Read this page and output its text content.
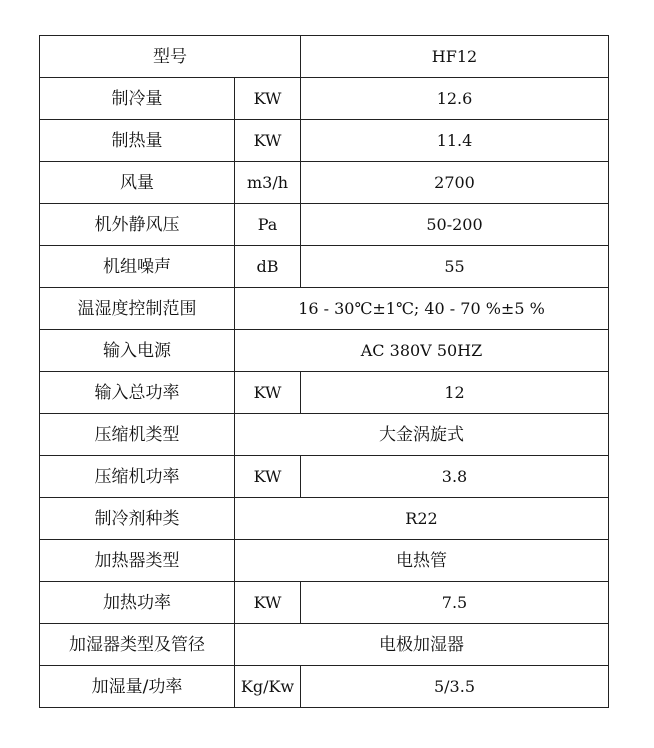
型号		HF12
制冷量	KW	12.6
制热量	KW	11.4
风量	m3/h	2700
机外静风压	Pa	50-200
机组噪声	dB	55
温湿度控制范围	16 - 30℃±1℃; 40 - 70 %±5 %	
输入电源	AC 380V 50HZ	
输入总功率	KW	12
压缩机类型	大金涡旋式	
压缩机功率	KW	3.8
制冷剂种类	R22	
加热器类型	电热管	
加热功率	KW	7.5
加湿器类型及管径	电极加湿器	
加湿量/功率	Kg/Kw	5/3.5
